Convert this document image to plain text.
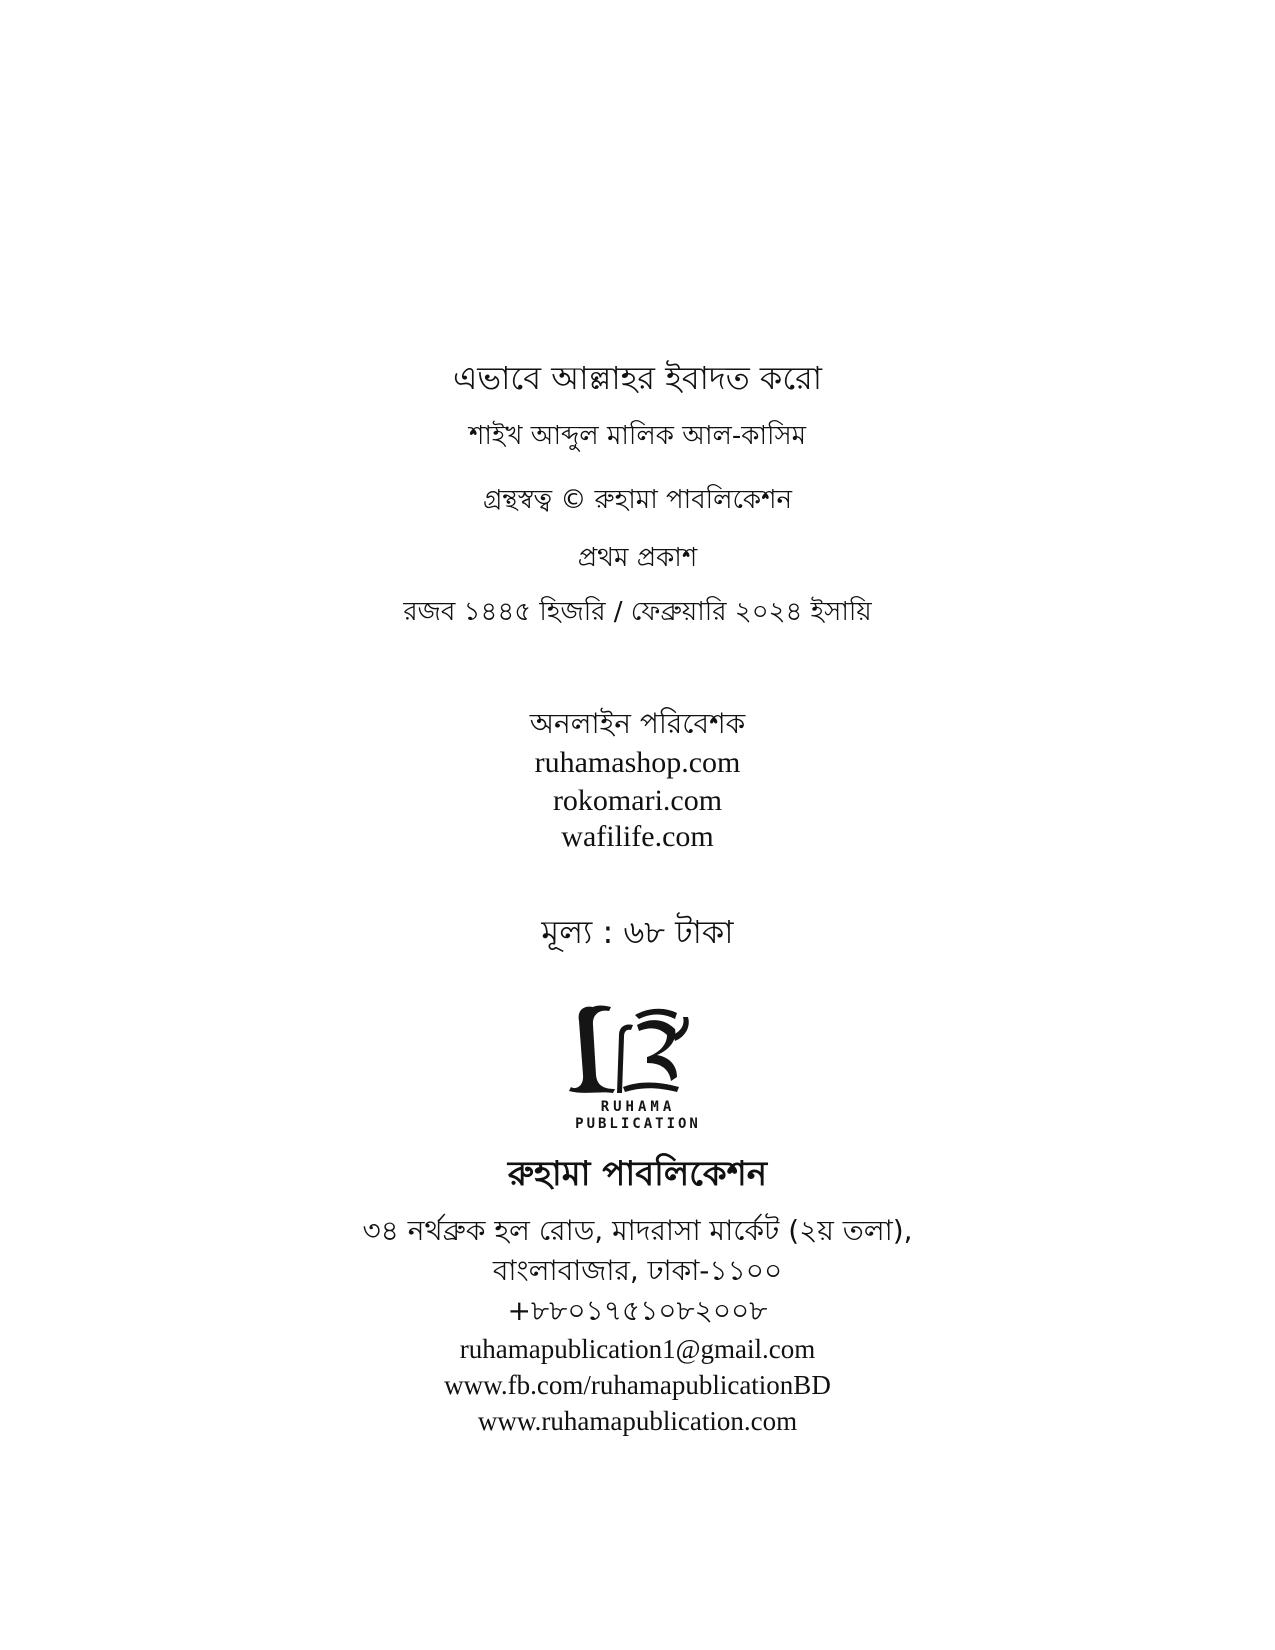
এভাবে আল্লাহর ইবাদত করো
শাইখ আব্দুল মালিক আল-কাসিম
গ্রন্থস্বত্ব © রুহামা পাবলিকেশন
প্রথম প্রকাশ
রজব ১৪৪৫ হিজরি / ফেব্রুয়ারি ২০২৪ ইসায়ি
অনলাইন পরিবেশক
ruhamashop.com
rokomari.com
wafilife.com
মূল্য : ৬৮ টাকা
RUHAMA
PUBLICATION
রুহামা পাবলিকেশন
৩৪ নর্থব্রুক হল রোড, মাদরাসা মার্কেট (২য় তলা),
বাংলাবাজার, ঢাকা-১১০০
+৮৮০১৭৫১০৮২০০৮
ruhamapublication1@gmail.com
www.fb.com/ruhamapublicationBD
www.ruhamapublication.com
